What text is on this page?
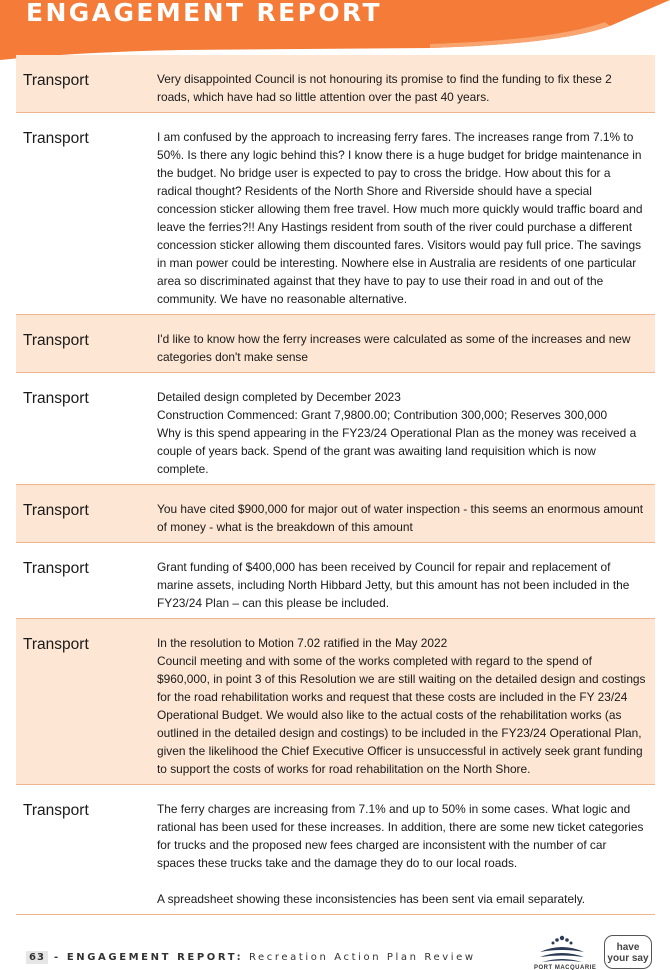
ENGAGEMENT REPORT
Transport	Very disappointed Council is not honouring its promise to find the funding to fix these 2 roads, which have had so little attention over the past 40 years.
Transport	I am confused by the approach to increasing ferry fares. The increases range from 7.1% to 50%. Is there any logic behind this? I know there is a huge budget for bridge maintenance in the budget. No bridge user is expected to pay to cross the bridge. How about this for a radical thought? Residents of the North Shore and Riverside should have a special concession sticker allowing them free travel. How much more quickly would traffic board and leave the ferries?!! Any Hastings resident from south of the river could purchase a different concession sticker allowing them discounted fares. Visitors would pay full price. The savings in man power could be interesting. Nowhere else in Australia are residents of one particular area so discriminated against that they have to pay to use their road in and out of the community. We have no reasonable alternative.
Transport	I'd like to know how the ferry increases were calculated as some of the increases and new categories don't make sense
Transport	Detailed design completed by December 2023
Construction Commenced: Grant 7,9800.00; Contribution 300,000; Reserves 300,000
Why is this spend appearing in the FY23/24 Operational Plan as the money was received a couple of years back. Spend of the grant was awaiting land requisition which is now complete.
Transport	You have cited $900,000 for major out of water inspection - this seems an enormous amount of money - what is the breakdown of this amount
Transport	Grant funding of $400,000 has been received by Council for repair and replacement of marine assets, including North Hibbard Jetty, but this amount has not been included in the FY23/24 Plan – can this please be included.
Transport	In the resolution to Motion 7.02 ratified in the May 2022
Council meeting and with some of the works completed with regard to the spend of $960,000, in point 3 of this Resolution we are still waiting on the detailed design and costings for the road rehabilitation works and request that these costs are included in the FY 23/24 Operational Budget. We would also like to the actual costs of the rehabilitation works (as outlined in the detailed design and costings) to be included in the FY23/24 Operational Plan, given the likelihood the Chief Executive Officer is unsuccessful in actively seek grant funding to support the costs of works for road rehabilitation on the North Shore.
Transport	The ferry charges are increasing from 7.1% and up to 50% in some cases. What logic and rational has been used for these increases. In addition, there are some new ticket categories for trucks and the proposed new fees charged are inconsistent with the number of car spaces these trucks take and the damage they do to our local roads.

A spreadsheet showing these inconsistencies has been sent via email separately.
63 - ENGAGEMENT REPORT: Recreation Action Plan Review
PORT MACQUARIE
have
your say
